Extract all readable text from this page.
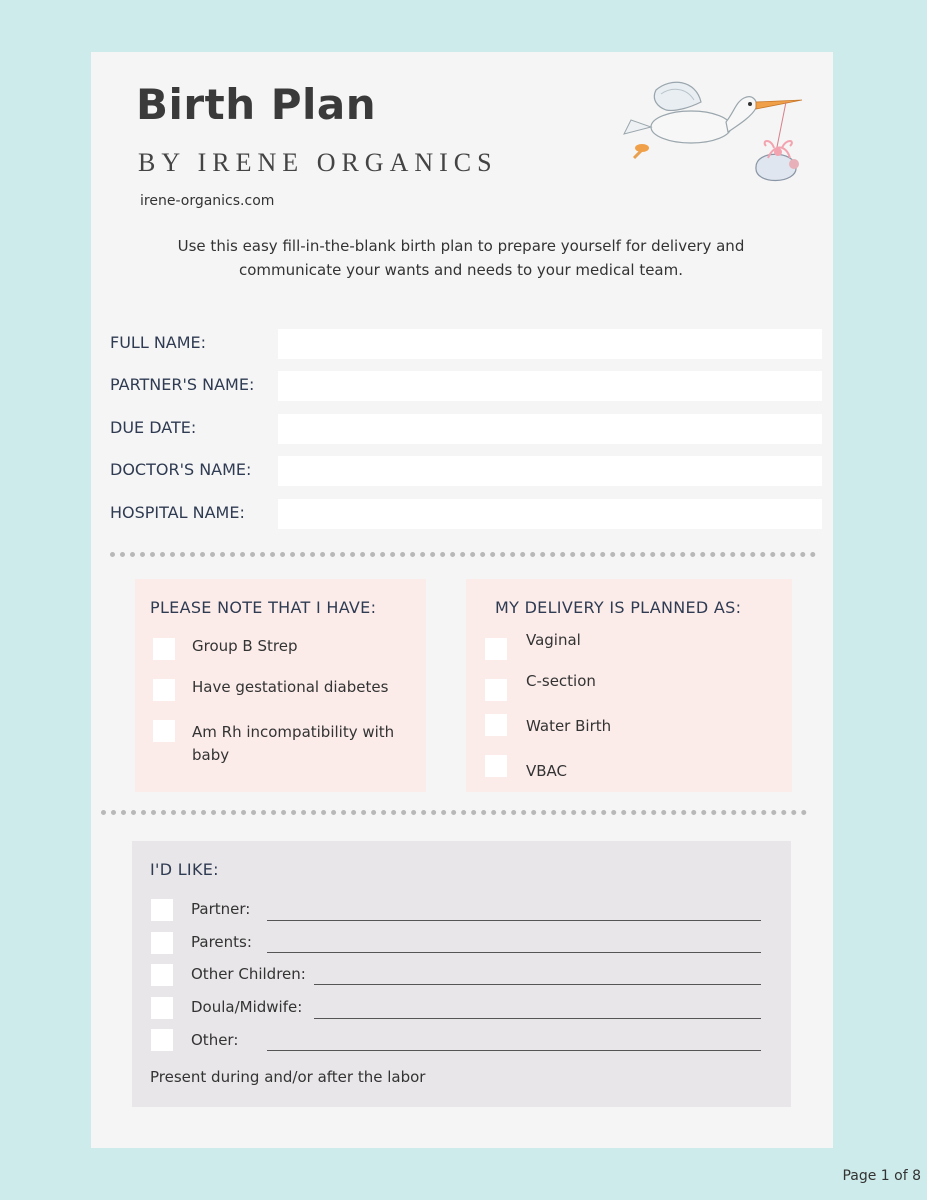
Birth Plan
BY IRENE ORGANICS
irene-organics.com
Use this easy fill-in-the-blank birth plan to prepare yourself for delivery and communicate your wants and needs to your medical team.
FULL NAME:
PARTNER'S NAME:
DUE DATE:
DOCTOR'S NAME:
HOSPITAL NAME:
PLEASE NOTE THAT I HAVE:
Group B Strep
Have gestational diabetes
Am Rh incompatibility with baby
MY DELIVERY IS PLANNED AS:
Vaginal
C-section
Water Birth
VBAC
I'D LIKE:
Partner:
Parents:
Other Children:
Doula/Midwife:
Other:
Present during and/or after the labor
Page 1 of 8
